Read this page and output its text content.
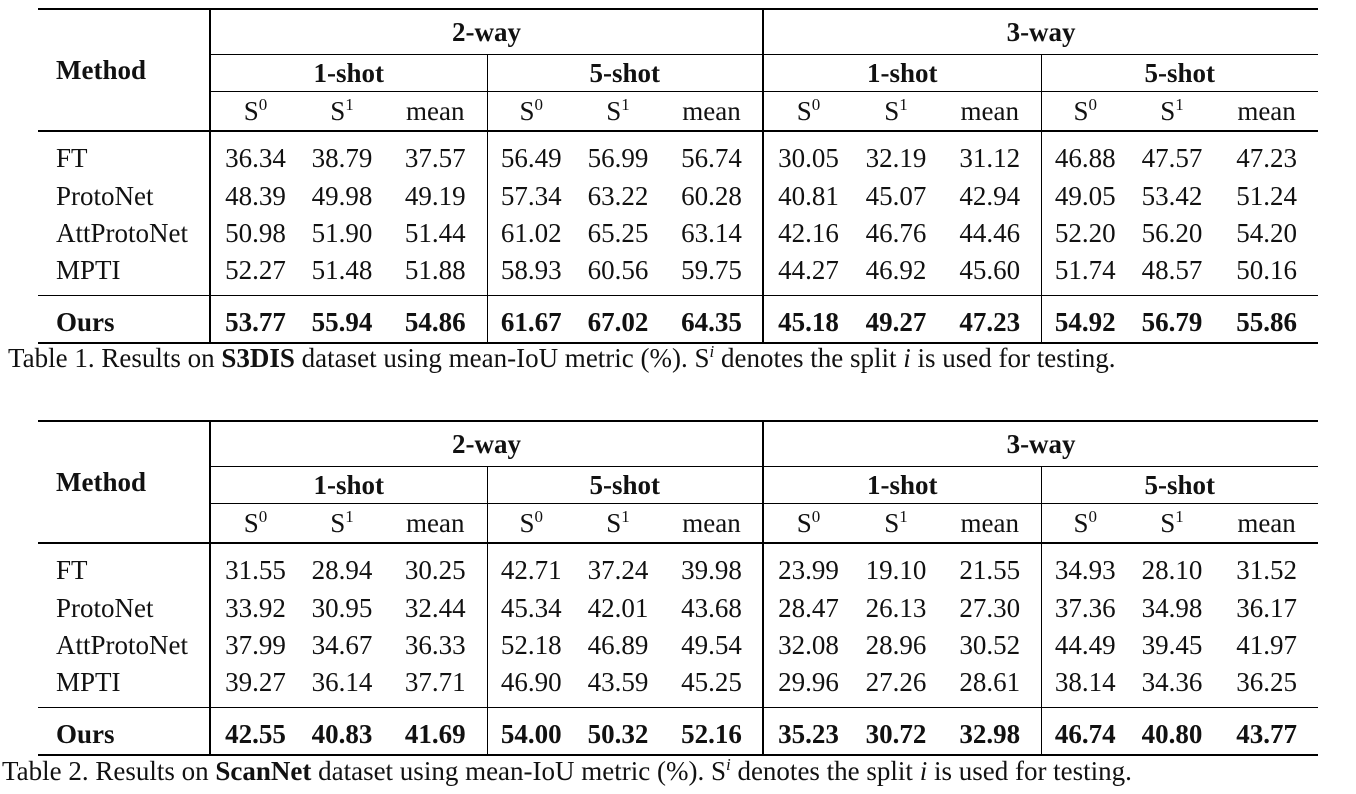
Method	2-way						3-way					
	1-shot			5-shot			1-shot			5-shot		
	$S^0$	$S^1$	mean	$S^0$	$S^1$	mean	$S^0$	$S^1$	mean	$S^0$	$S^1$	mean

FT	36.34	38.79	37.57	56.49	56.99	56.74	30.05	32.19	31.12	46.88	47.57	47.23
ProtoNet	48.39	49.98	49.19	57.34	63.22	60.28	40.81	45.07	42.94	49.05	53.42	51.24
AttProtoNet	50.98	51.90	51.44	61.02	65.25	63.14	42.16	46.76	44.46	52.20	56.20	54.20
MPTI	52.27	51.48	51.88	58.93	60.56	59.75	44.27	46.92	45.60	51.74	48.57	50.16

Ours	53.77	55.94	54.86	61.67	67.02	64.35	45.18	49.27	47.23	54.92	56.79	55.86
Table 1. Results on S3DIS dataset using mean-IoU metric (%). $S^i$ denotes the split i is used for testing.
Method	2-way						3-way					
	1-shot			5-shot			1-shot			5-shot		
	$S^0$	$S^1$	mean	$S^0$	$S^1$	mean	$S^0$	$S^1$	mean	$S^0$	$S^1$	mean

FT	31.55	28.94	30.25	42.71	37.24	39.98	23.99	19.10	21.55	34.93	28.10	31.52
ProtoNet	33.92	30.95	32.44	45.34	42.01	43.68	28.47	26.13	27.30	37.36	34.98	36.17
AttProtoNet	37.99	34.67	36.33	52.18	46.89	49.54	32.08	28.96	30.52	44.49	39.45	41.97
MPTI	39.27	36.14	37.71	46.90	43.59	45.25	29.96	27.26	28.61	38.14	34.36	36.25

Ours	42.55	40.83	41.69	54.00	50.32	52.16	35.23	30.72	32.98	46.74	40.80	43.77
Table 2. Results on ScanNet dataset using mean-IoU metric (%). $S^i$ denotes the split i is used for testing.
